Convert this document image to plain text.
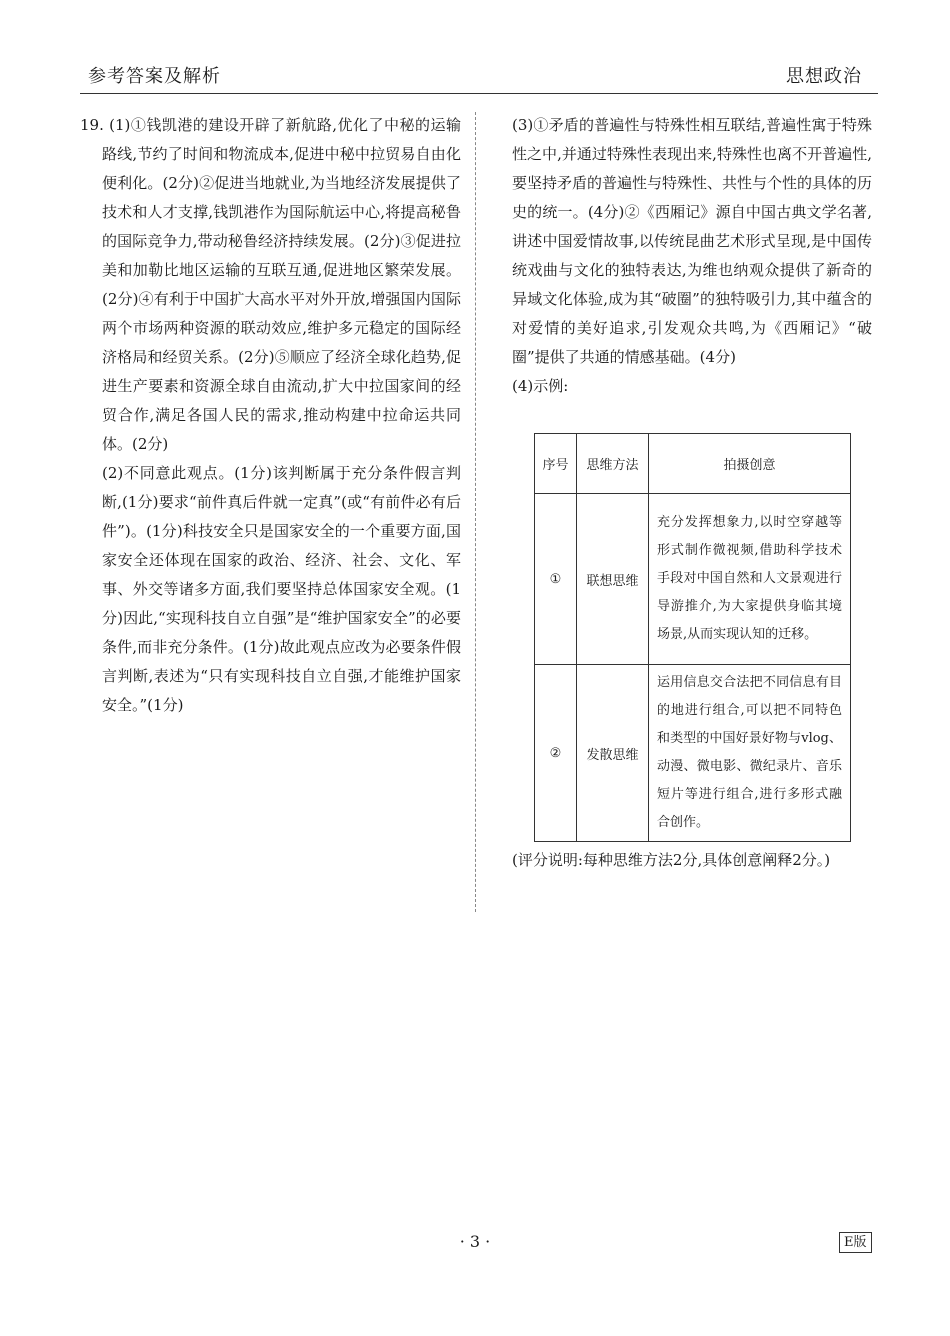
参考答案及解析	思想政治

19. (1)①钱凯港的建设开辟了新航路,优化了中秘的运输路线,节约了时间和物流成本,促进中秘中拉贸易自由化便利化。(2分)②促进当地就业,为当地经济发展提供了技术和人才支撑,钱凯港作为国际航运中心,将提高秘鲁的国际竞争力,带动秘鲁经济持续发展。(2分)③促进拉美和加勒比地区运输的互联互通,促进地区繁荣发展。(2分)④有利于中国扩大高水平对外开放,增强国内国际两个市场两种资源的联动效应,维护多元稳定的国际经济格局和经贸关系。(2分)⑤顺应了经济全球化趋势,促进生产要素和资源全球自由流动,扩大中拉国家间的经贸合作,满足各国人民的需求,推动构建中拉命运共同体。(2分)

(2)不同意此观点。(1分)该判断属于充分条件假言判断,(1分)要求“前件真后件就一定真”(或“有前件必有后件”)。(1分)科技安全只是国家安全的一个重要方面,国家安全还体现在国家的政治、经济、社会、文化、军事、外交等诸多方面,我们要坚持总体国家安全观。(1分)因此,“实现科技自立自强”是“维护国家安全”的必要条件,而非充分条件。(1分)故此观点应改为必要条件假言判断,表述为“只有实现科技自立自强,才能维护国家安全。”(1分)

(3)①矛盾的普遍性与特殊性相互联结,普遍性寓于特殊性之中,并通过特殊性表现出来,特殊性也离不开普遍性,要坚持矛盾的普遍性与特殊性、共性与个性的具体的历史的统一。(4分)②《西厢记》源自中国古典文学名著,讲述中国爱情故事,以传统昆曲艺术形式呈现,是中国传统戏曲与文化的独特表达,为维也纳观众提供了新奇的异域文化体验,成为其“破圈”的独特吸引力,其中蕴含的对爱情的美好追求,引发观众共鸣,为《西厢记》“破圈”提供了共通的情感基础。(4分)

(4)示例:

序号	思维方法	拍摄创意
①	联想思维	充分发挥想象力,以时空穿越等形式制作微视频,借助科学技术手段对中国自然和人文景观进行导游推介,为大家提供身临其境场景,从而实现认知的迁移。
②	发散思维	运用信息交合法把不同信息有目的地进行组合,可以把不同特色和类型的中国好景好物与vlog、动漫、微电影、微纪录片、音乐短片等进行组合,进行多形式融合创作。
(评分说明:每种思维方法2分,具体创意阐释2分。)
· 3 ·	E版
